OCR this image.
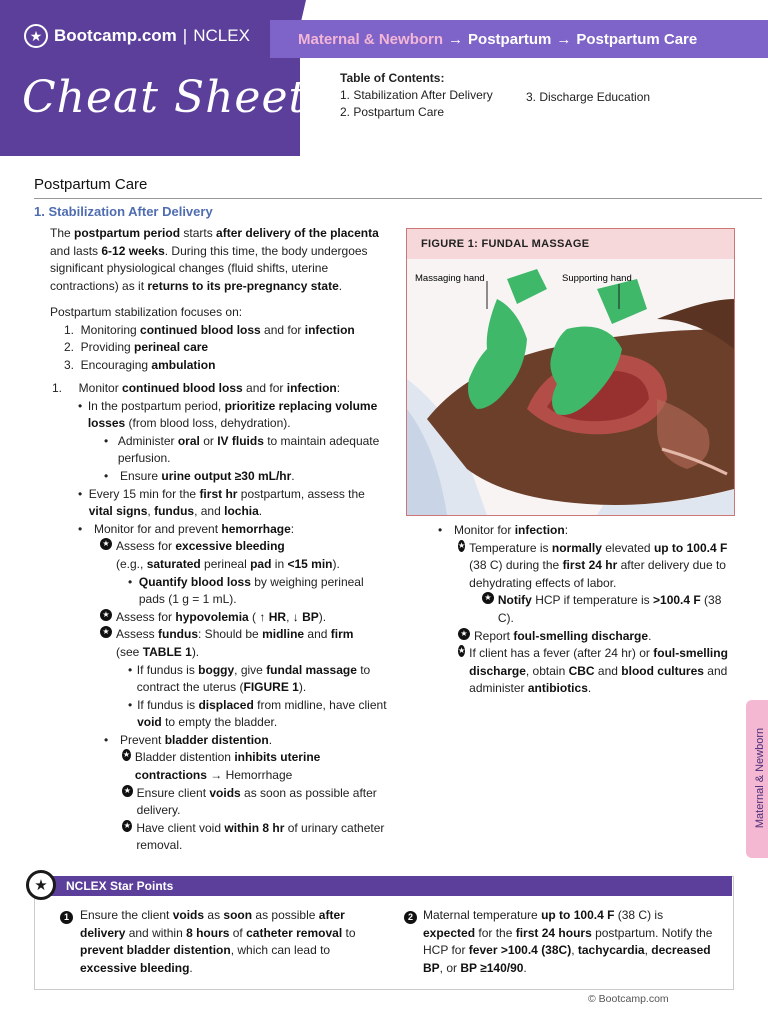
★ Bootcamp.com | NCLEX
Cheat Sheets
Maternal & Newborn → Postpartum → Postpartum Care
Table of Contents:
1. Stabilization After Delivery
2. Postpartum Care
3. Discharge Education
Postpartum Care
1. Stabilization After Delivery
The postpartum period starts after delivery of the placenta and lasts 6-12 weeks. During this time, the body undergoes significant physiological changes (fluid shifts, uterine contractions) as it returns to its pre-pregnancy state.
Postpartum stabilization focuses on:
1.  Monitoring continued blood loss and for infection
2.  Providing perineal care
3.  Encouraging ambulation
1.     Monitor continued blood loss and for infection:
• In the postpartum period, prioritize replacing volume losses (from blood loss, dehydration).
• Administer oral or IV fluids to maintain adequate perfusion.
• Ensure urine output ≥30 mL/hr.
• Every 15 min for the first hr postpartum, assess the vital signs, fundus, and lochia.
• Monitor for and prevent hemorrhage:
★ Assess for excessive bleeding
(e.g., saturated perineal pad in <15 min).
• Quantify blood loss by weighing perineal pads (1 g = 1 mL).
★ Assess for hypovolemia ( ↑ HR, ↓ BP).
★ Assess fundus: Should be midline and firm
(see TABLE 1).
• If fundus is boggy, give fundal massage to contract the uterus (FIGURE 1).
• If fundus is displaced from midline, have client void to empty the bladder.
• Prevent bladder distention.
★ Bladder distention inhibits uterine contractions → Hemorrhage
★ Ensure client voids as soon as possible after delivery.
★ Have client void within 8 hr of urinary catheter removal.
FIGURE 1: FUNDAL MASSAGE
Massaging hand	Supporting hand
• Monitor for infection:
★ Temperature is normally elevated up to 100.4 F (38 C) during the first 24 hr after delivery due to dehydrating effects of labor.
★ Notify HCP if temperature is >100.4 F (38 C).
★ Report foul-smelling discharge.
★ If client has a fever (after 24 hr) or foul-smelling discharge, obtain CBC and blood cultures and administer antibiotics.
Maternal & Newborn
★	NCLEX Star Points
1 Ensure the client voids as soon as possible after delivery and within 8 hours of catheter removal to prevent bladder distention, which can lead to excessive bleeding.
2 Maternal temperature up to 100.4 F (38 C) is expected for the first 24 hours postpartum. Notify the HCP for fever >100.4 (38C), tachycardia, decreased BP, or BP ≥140/90.
© Bootcamp.com
